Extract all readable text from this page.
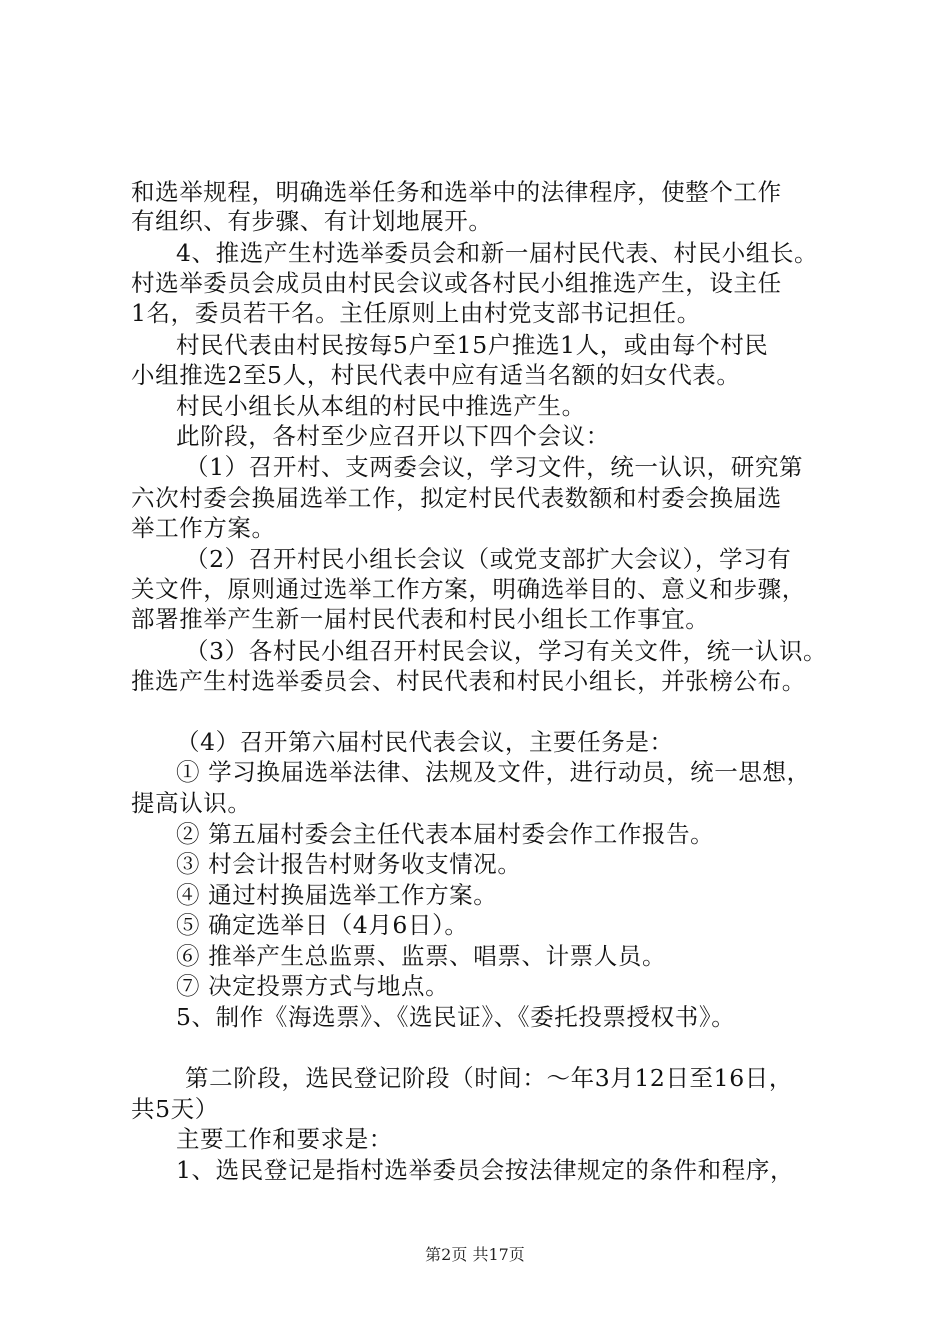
和选举规程，明确选举任务和选举中的法律程序，使整个工作
有组织、有步骤、有计划地展开。
4、推选产生村选举委员会和新一届村民代表、村民小组长。
村选举委员会成员由村民会议或各村民小组推选产生，设主任
1名，委员若干名。主任原则上由村党支部书记担任。
村民代表由村民按每5户至15户推选1人，或由每个村民
小组推选2至5人，村民代表中应有适当名额的妇女代表。
村民小组长从本组的村民中推选产生。
此阶段，各村至少应召开以下四个会议：
（1）召开村、支两委会议，学习文件，统一认识，研究第
六次村委会换届选举工作，拟定村民代表数额和村委会换届选
举工作方案。
（2）召开村民小组长会议（或党支部扩大会议），学习有
关文件，原则通过选举工作方案，明确选举目的、意义和步骤，
部署推举产生新一届村民代表和村民小组长工作事宜。
（3）各村民小组召开村民会议，学习有关文件，统一认识。
推选产生村选举委员会、村民代表和村民小组长，并张榜公布。
（4）召开第六届村民代表会议，主要任务是：
① 学习换届选举法律、法规及文件，进行动员，统一思想，
提高认识。
② 第五届村委会主任代表本届村委会作工作报告。
③ 村会计报告村财务收支情况。
④ 通过村换届选举工作方案。
⑤ 确定选举日（4月6日）。
⑥ 推举产生总监票、监票、唱票、计票人员。
⑦ 决定投票方式与地点。
5、制作《海选票》、《选民证》、《委托投票授权书》。
第二阶段，选民登记阶段（时间：～年3月12日至16日，
共5天）
主要工作和要求是：
1、选民登记是指村选举委员会按法律规定的条件和程序，
第2页 共17页
